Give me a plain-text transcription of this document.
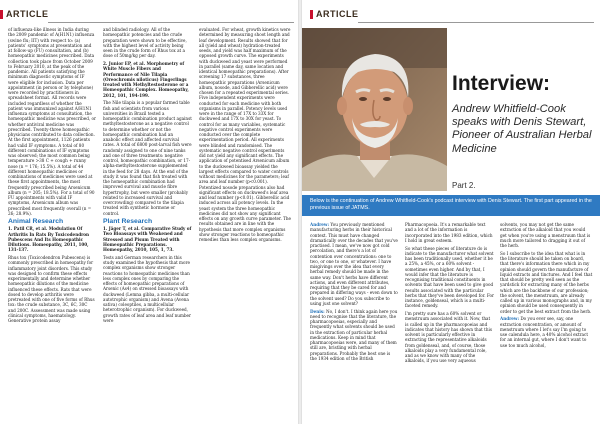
ARTICLE

of influenza-like illness in India during the 2009 pandemic of A(H1N1) influenza (swine flu; IIT) with respect to: (a) patients’ symptoms at presentation and at follow-up (FU) consultation, and (b) homeopathic medicines prescribed. Data collection took place from October 2009 to February 2010, at the peak of the pandemic. All patients satisfying the minimum diagnostic symptoms of IF were eligible for inclusion. Data per appointment (in person or by telephone) were recorded by practitioners in spreadsheet format. All records were included regardless of whether the patient was immunized against A/H1N1 influenza symptoms at consultation, the homeopathic medicine was prescribed, or whether antiviral medicine was prescribed. Twenty-three homeopathic physicians contributed to data collection. At the first appointment, 1126 patients had valid IF symptoms. A total of 80 different combinations of IF symptoms was observed; the most common being temperature >38 C + cough + runny nose (n = 176; 15.5%). A total of 44 different homeopathic medicines or combinations of medicines were used at these first appointments, the most frequently prescribed being Arsenicum album (n = 205; 18.5%). For a total of 90 FU appointments with valid IF symptoms, Arsenicum album was prescribed most frequently overall (n = 26; 28.9%).

Animal Research

1. Patil CR, et al. Modulation Of Arthritis In Rats By Toxicodendron Pubescens And Its Homeopathic Dilutions. Homeopathy, 2011, 100, 131-137.

Rhus tox (Toxicodendron Pubescens) is commonly prescribed in homeopathy for inflammatory joint disorders. This study was designed to confirm these effects experimentally and determine whether homeopathic dilutions of the medicine influenced these effects. Rats that were dosed to develop arthritis were pretreated with one of five forms of Rhus tox: the crude substance, 3C, 6C, 30C and 200C. Assessment was made using clinical symptoms, haematology. Generative protein assay

and blinded radiology. All of the homeopathic potencies and the crude preparation were shown to be effective, with the highest level of activity being seen in the crude form of Rhus tox at a dose of 50mg/kg per day.

2. Junior EP, et al. Morphometry of White Muscle Fibers and Performance of Nile Tilapia (Oreochromis niloticus) Fingerlings treated with Methyltestosterone or a Homeopathic Complex. Homeopathy, 2012, 101, 194-199.

The Nile tilapia is a popular farmed table fish and scientists from various universities in Brazil tested a homeopathic combination product against methyltestosterone as a negative control to determine whether or not the homeopathic combination had an anabolic effect and affected survival rates. A total of 6800 post-larval fish were randomly assigned to one of nine tanks and one of three treatments: negative control, homeopathic combination, or 17-alpha-methyltestosterone supplemented in the feed for 28 days. At the end of the study it was found that fish treated with the homeopathic combination had improved survival and muscle fibre hypertrophy, but were smaller (probably related to increased survival and overcrowding) compared to the tilapia treated with synthetic hormone or control.

Plant Research

1. Jäger T, et al. Comparative Study of Two Bioassays with Weakened and Stressed and Pisum Treated with Homeopathic Preparations. Homeopathy, 2010, 105, 1, 73.

Tests and German researchers in this study examined the hypothesis that more complex organisms show stronger reactions to homeopathic medicines than less complex ones by comparing the effects of homeopathic preparations of Arsenic (As4) on stressed bioassays with duckweed (Lemna gibba, a multi-cellular autotrophic organism) and Avena (Avena sativa) coleoptiles, a multicellular heterotrophic organism). For duckweed, growth rates of leaf area and leaf number were

evaluated. For wheat, growth kinetics were determined by measuring shoot length and leaf development. Results showed that for all (yield and wheat) hydration-treated seeds, and yield was half maximum of the opposed growth curve. The experiments with duckweed and yeast were performed in parallel (same day, same location and identical homeopathic preparations). After screening 17 substances, three homeopathic preparations (Arsenicum album, nosode, and Gibberellic acid) were chosen for a repeated experimental series. Five independent experiments were conducted for each medicine with both organisms in parallel. Potency levels used were in the range of 17X to 33X for duckweed and 17X to 30X for yeast. To control for as many variables, systematic negative control experiments were conducted over the complete experimentation period. All experiments were blinded and randomised. The systematic negative control experiments did not yield any significant effects. The application of potentised Arsenicum album to the duckweed bioassay yielded the largest effects compared to water controls without medicines for the parameters; leaf area and leaf number (p<0.001). Potentized nosode preparations also had significant effects on duckweed's leaf area and leaf number (p<0.01). Gibberellic acid induced across all potency levels. In the yeast system the three homeopathic medicines did not show any significant effects on any growth curve parameter. The results obtained are in line with the hypothesis that more complex organisms show stronger reactions to homeopathic remedies than less complex organisms.

ARTICLE
Interview:
Andrew Whitfield-Cook speaks with Denis Stewart, Pioneer of Australian Herbal Medicine
Part 2.
Below is the continuation of Andrew Whitfield-Cook's podcast interview with Denis Stewart. The first part appeared in the previous issue of JATMS.

Andrew: You previously mentioned manufacturing herbs in their historical context. This must have changed dramatically over the decades that you've practised. I mean, we've now got cold percolation, and there's a lot of contention over concentrations: one to two, or one to one, or whatever. I have misgivings over the idea that every herbal remedy should be made in the same way. Don't herbs have different actions, and even different attributes, requiring that they be cared for and prepared in differing ways - even down to the solvent used? Do you subscribe to using just one solvent?

Denis: No, I don't. I think again here you need to recognise that the literature, the pharmacopoeias, especially and frequently what solvents should be used in the extraction of particular herbal medications. Keep in mind that pharmacopoeias were, and many of them still are, bristling with herbal preparations. Probably the best one is the 1934 edition of the British

Pharmacopoeia. It's a remarkable text and a lot of the information is incorporated into the 1983 edition, which I hold in great esteem.

So what these pieces of literature do is indicate to the manufacturer what solvent has been traditionally used, whether it be a 25%, a 45%, or a 60% solvent - sometimes even higher. And by that, I would infer that the literature is recognising traditional constituents in solvents that have been used to give good results associated with the particular herbs that they've been developed for. For instance, goldenseal, which is a multi-faceted remedy.

I'm pretty sure has a 60% solvent or menstruum associated with it. Now, that is called up in the pharmacopoeias and indicates that history has shown that this solvent is particularly effective in extracting the representative alkaloids from goldenseal, and, of course, those alkaloids play a very fundamental role, and as we know with many of the alkaloids, if you use very aqueous

solvents, you may not get the same extraction of the alkaloid that you would get when you're using a menstruum that is much more tailored to dragging it out of the herb.

So I subscribe to the idea that what is in the literature should be taken on board, that there's information there which in my opinion should govern the manufacture of liquid extracts and tinctures. And I feel that that should be pretty well seen as the yardstick for extracting many of the herbs which are the backbone of our profession; the solvent, the menstruum, are already called up in various monographs and, in my opinion should be used consequently in order to get the best extract from the herb.

Andrew: Do you ever see, say, one extraction concentration, or amount of menstruum where I let's say I'm going to use calendula here, a 40% alcohol extract for an internal gut, where I don't want to use too much alcohol,
